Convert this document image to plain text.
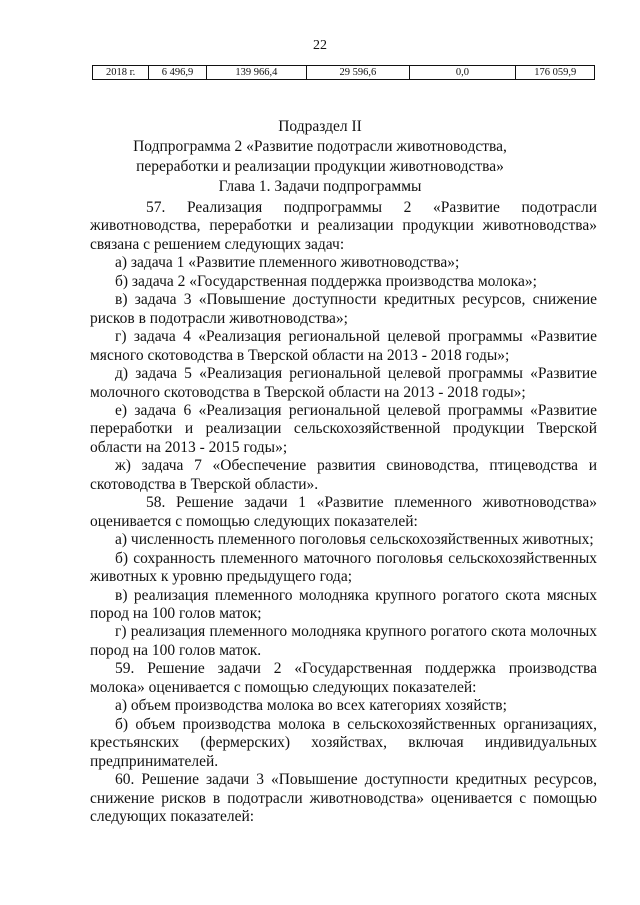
22
2018 г.	6 496,9	139 966,4	29 596,6	0,0	176 059,9
Подраздел II
Подпрограмма 2 «Развитие подотрасли животноводства,
переработки и реализации продукции животноводства»
Глава 1. Задачи подпрограммы

57. Реализация подпрограммы 2 «Развитие подотрасли животноводства, переработки и реализации продукции животноводства» связана с решением следующих задач:

а) задача 1 «Развитие племенного животноводства»;

б) задача 2 «Государственная поддержка производства молока»;

в) задача 3 «Повышение доступности кредитных ресурсов, снижение рисков в подотрасли животноводства»;

г) задача 4 «Реализация региональной целевой программы «Развитие мясного скотоводства в Тверской области на 2013 - 2018 годы»;

д) задача 5 «Реализация региональной целевой программы «Развитие молочного скотоводства в Тверской области на 2013 - 2018 годы»;

е) задача 6 «Реализация региональной целевой программы «Развитие переработки и реализации сельскохозяйственной продукции Тверской области на 2013 - 2015 годы»;

ж) задача 7 «Обеспечение развития свиноводства, птицеводства и скотоводства в Тверской области».

58. Решение задачи 1 «Развитие племенного животноводства» оценивается с помощью следующих показателей:

а) численность племенного поголовья сельскохозяйственных животных;

б) сохранность племенного маточного поголовья сельскохозяйственных животных к уровню предыдущего года;

в) реализация племенного молодняка крупного рогатого скота мясных пород на 100 голов маток;

г) реализация племенного молодняка крупного рогатого скота молочных пород на 100 голов маток.

59. Решение задачи 2 «Государственная поддержка производства молока» оценивается с помощью следующих показателей:

а) объем производства молока во всех категориях хозяйств;

б) объем производства молока в сельскохозяйственных организациях, крестьянских (фермерских) хозяйствах, включая индивидуальных предпринимателей.

60. Решение задачи 3 «Повышение доступности кредитных ресурсов, снижение рисков в подотрасли животноводства» оценивается с помощью следующих показателей:
